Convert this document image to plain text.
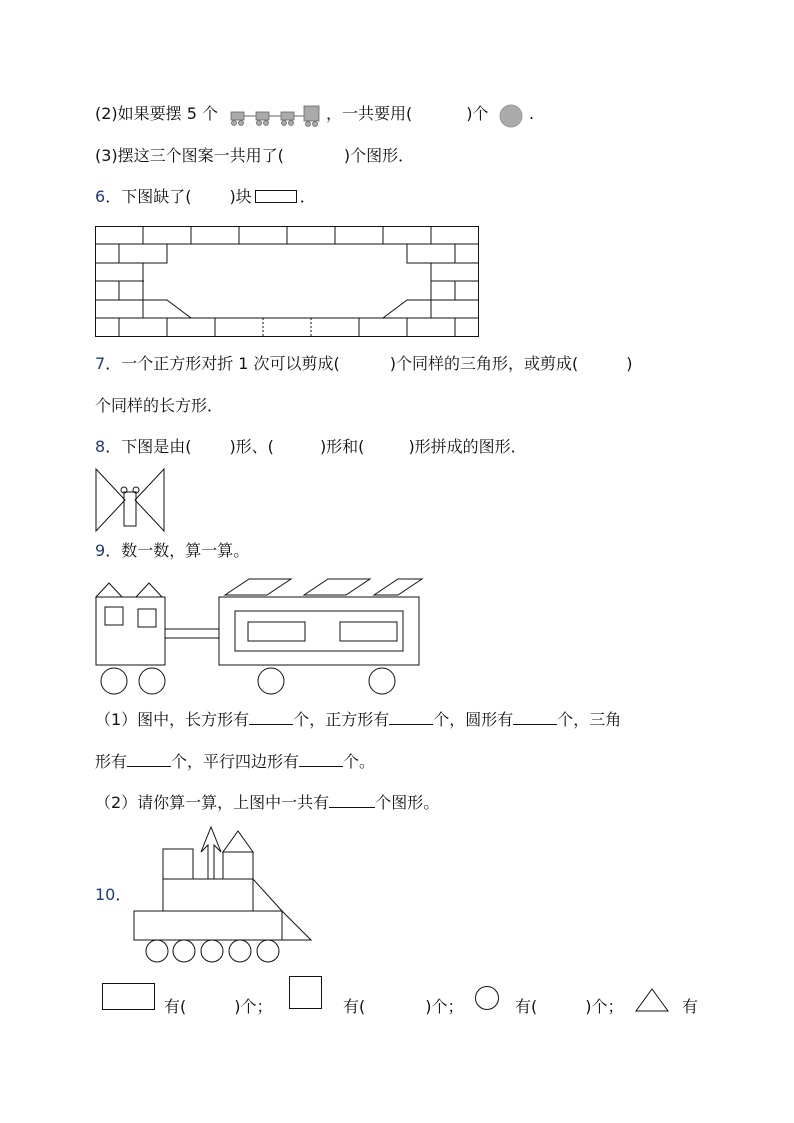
(2)如果要摆 5 个	，一共要用(	)个	.
(3)摆这三个图案一共用了(	)个图形．
6．下图缺了( )块	．
7．一个正方形对折 1 次可以剪成(	)个同样的三角形，或剪成(	)
个同样的长方形．
8．下图是由( )形、(	)形和(	)形拼成的图形．
9．数一数，算一算。
（1）图中，长方形有	个，正方形有	个，圆形有	个，三角
形有	个，平行四边形有	个。
（2）请你算一算，上图中一共有	个图形。
10．
有(	)个；	有(	)个；	有(	)个；	有
